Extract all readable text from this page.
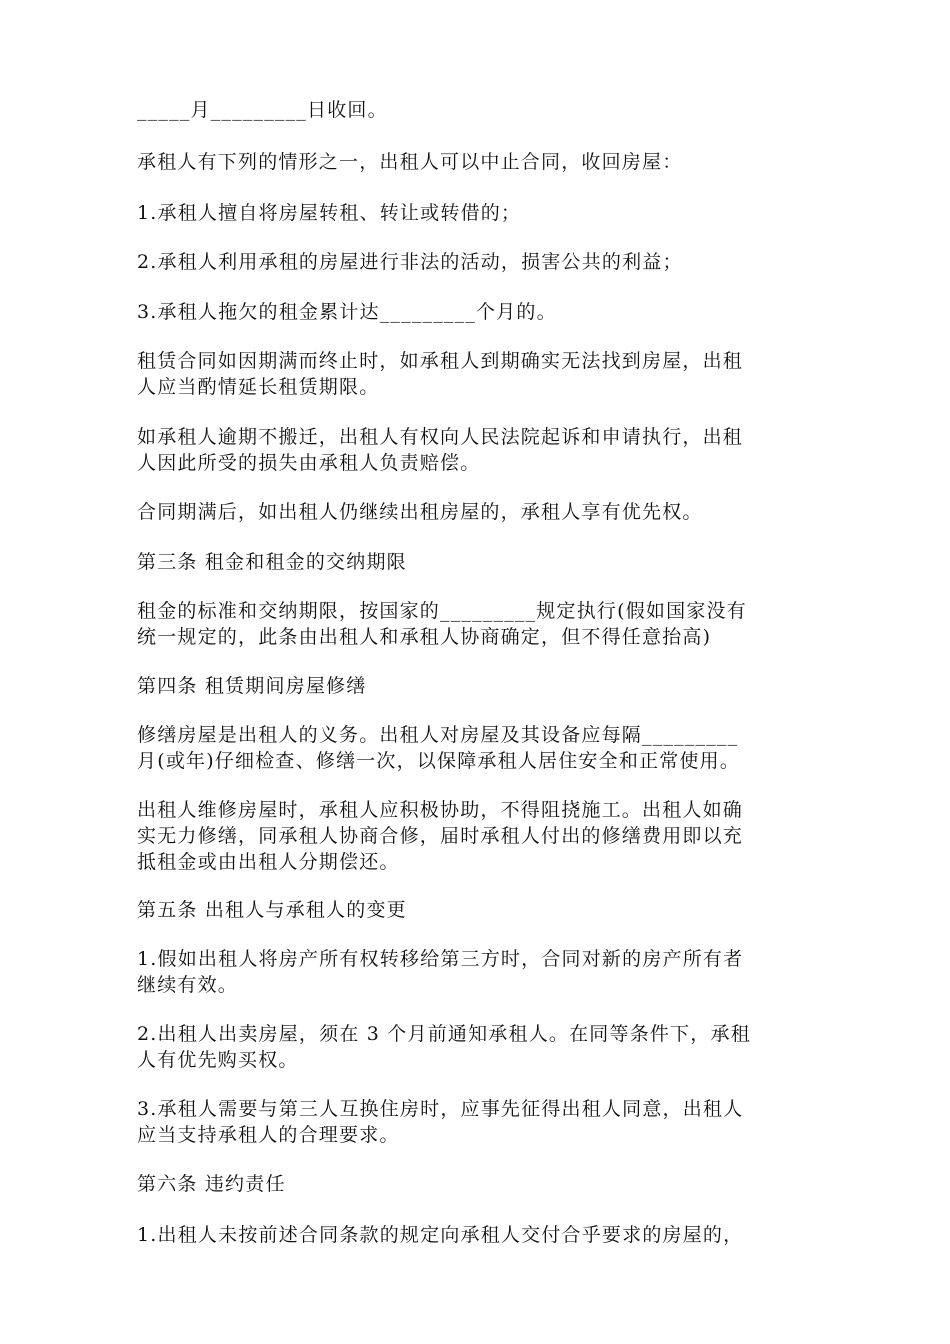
_____月_________日收回。

承租人有下列的情形之一，出租人可以中止合同，收回房屋：

1.承租人擅自将房屋转租、转让或转借的；

2.承租人利用承租的房屋进行非法的活动，损害公共的利益；

3.承租人拖欠的租金累计达_________个月的。

租赁合同如因期满而终止时，如承租人到期确实无法找到房屋，出租
人应当酌情延长租赁期限。

如承租人逾期不搬迁，出租人有权向人民法院起诉和申请执行，出租
人因此所受的损失由承租人负责赔偿。

合同期满后，如出租人仍继续出租房屋的，承租人享有优先权。

第三条 租金和租金的交纳期限

租金的标准和交纳期限，按国家的_________规定执行(假如国家没有
统一规定的，此条由出租人和承租人协商确定，但不得任意抬高)

第四条 租赁期间房屋修缮

修缮房屋是出租人的义务。出租人对房屋及其设备应每隔_________
月(或年)仔细检查、修缮一次，以保障承租人居住安全和正常使用。

出租人维修房屋时，承租人应积极协助，不得阻挠施工。出租人如确
实无力修缮，同承租人协商合修，届时承租人付出的修缮费用即以充
抵租金或由出租人分期偿还。

第五条 出租人与承租人的变更

1.假如出租人将房产所有权转移给第三方时，合同对新的房产所有者
继续有效。

2.出租人出卖房屋，须在 3 个月前通知承租人。在同等条件下，承租
人有优先购买权。

3.承租人需要与第三人互换住房时，应事先征得出租人同意，出租人
应当支持承租人的合理要求。

第六条 违约责任

1.出租人未按前述合同条款的规定向承租人交付合乎要求的房屋的，
